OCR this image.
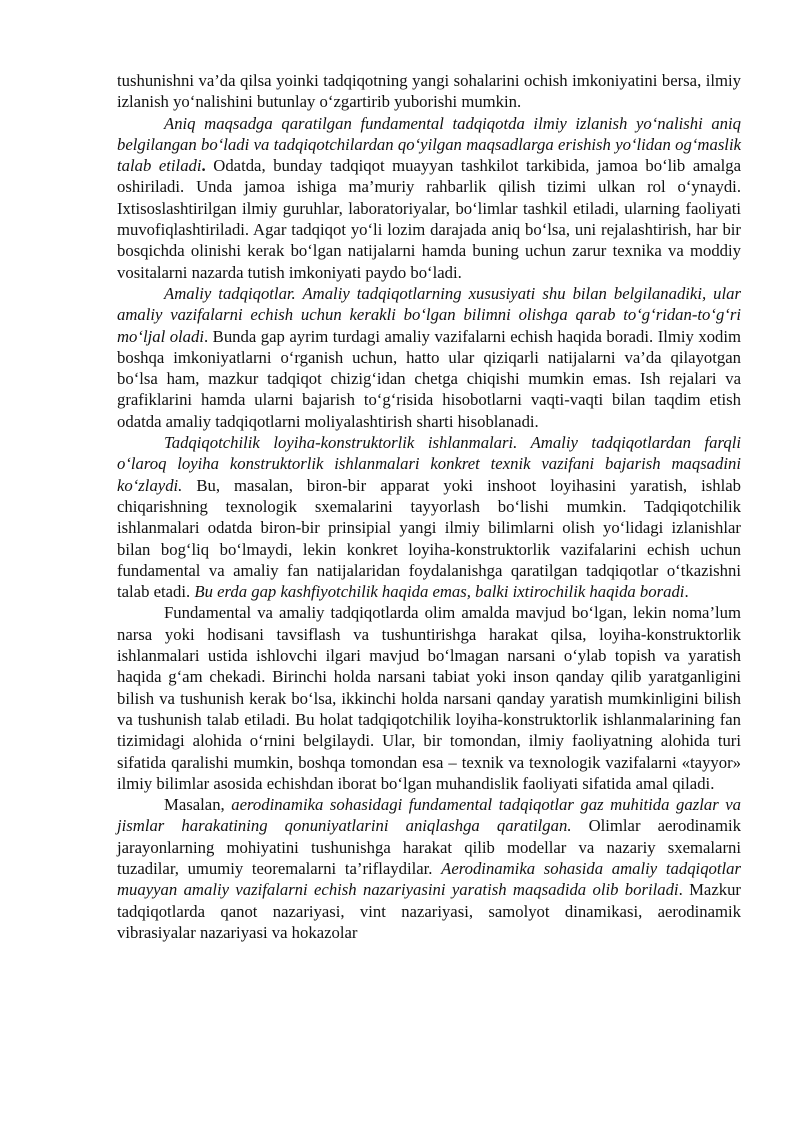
tushunishni va’da qilsa yoinki tadqiqotning yangi sohalarini ochish imkoniyatini bersa, ilmiy izlanish yo‘nalishini butunlay o‘zgartirib yuborishi mumkin.

Aniq maqsadga qaratilgan fundamental tadqiqotda ilmiy izlanish yo‘nalishi aniq belgilangan bo‘ladi va tadqiqotchilardan qo‘yilgan maqsadlarga erishish yo‘lidan og‘maslik talab etiladi. Odatda, bunday tadqiqot muayyan tashkilot tarkibida, jamoa bo‘lib amalga oshiriladi. Unda jamoa ishiga ma’muriy rahbarlik qilish tizimi ulkan rol o‘ynaydi. Ixtisoslashtirilgan ilmiy guruhlar, laboratoriyalar, bo‘limlar tashkil etiladi, ularning faoliyati muvofiqlashtiriladi. Agar tadqiqot yo‘li lozim darajada aniq bo‘lsa, uni rejalashtirish, har bir bosqichda olinishi kerak bo‘lgan natijalarni hamda buning uchun zarur texnika va moddiy vositalarni nazarda tutish imkoniyati paydo bo‘ladi.

Amaliy tadqiqotlar. Amaliy tadqiqotlarning xususiyati shu bilan belgilanadiki, ular amaliy vazifalarni echish uchun kerakli bo‘lgan bilimni olishga qarab to‘g‘ridan-to‘g‘ri mo‘ljal oladi. Bunda gap ayrim turdagi amaliy vazifalarni echish haqida boradi. Ilmiy xodim boshqa imkoniyatlarni o‘rganish uchun, hatto ular qiziqarli natijalarni va’da qilayotgan bo‘lsa ham, mazkur tadqiqot chizig‘idan chetga chiqishi mumkin emas. Ish rejalari va grafiklarini hamda ularni bajarish to‘g‘risida hisobotlarni vaqti-vaqti bilan taqdim etish odatda amaliy tadqiqotlarni moliyalashtirish sharti hisoblanadi.

Tadqiqotchilik loyiha-konstruktorlik ishlanmalari. Amaliy tadqiqotlardan farqli o‘laroq loyiha konstruktorlik ishlanmalari konkret texnik vazifani bajarish maqsadini ko‘zlaydi. Bu, masalan, biron-bir apparat yoki inshoot loyihasini yaratish, ishlab chiqarishning texnologik sxemalarini tayyorlash bo‘lishi mumkin. Tadqiqotchilik ishlanmalari odatda biron-bir prinsipial yangi ilmiy bilimlarni olish yo‘lidagi izlanishlar bilan bog‘liq bo‘lmaydi, lekin konkret loyiha-konstruktorlik vazifalarini echish uchun fundamental va amaliy fan natijalaridan foydalanishga qaratilgan tadqiqotlar o‘tkazishni talab etadi. Bu erda gap kashfiyotchilik haqida emas, balki ixtirochilik haqida boradi.

Fundamental va amaliy tadqiqotlarda olim amalda mavjud bo‘lgan, lekin noma’lum narsa yoki hodisani tavsiflash va tushuntirishga harakat qilsa, loyiha-konstruktorlik ishlanmalari ustida ishlovchi ilgari mavjud bo‘lmagan narsani o‘ylab topish va yaratish haqida g‘am chekadi. Birinchi holda narsani tabiat yoki inson qanday qilib yaratganligini bilish va tushunish kerak bo‘lsa, ikkinchi holda narsani qanday yaratish mumkinligini bilish va tushunish talab etiladi. Bu holat tadqiqotchilik loyiha-konstruktorlik ishlanmalarining fan tizimidagi alohida o‘rnini belgilaydi. Ular, bir tomondan, ilmiy faoliyatning alohida turi sifatida qaralishi mumkin, boshqa tomondan esa – texnik va texnologik vazifalarni «tayyor» ilmiy bilimlar asosida echishdan iborat bo‘lgan muhandislik faoliyati sifatida amal qiladi.

Masalan, aerodinamika sohasidagi fundamental tadqiqotlar gaz muhitida gazlar va jismlar harakatining qonuniyatlarini aniqlashga qaratilgan. Olimlar aerodinamik jarayonlarning mohiyatini tushunishga harakat qilib modellar va nazariy sxemalarni tuzadilar, umumiy teoremalarni ta’riflaydilar. Aerodinamika sohasida amaliy tadqiqotlar muayyan amaliy vazifalarni echish nazariyasini yaratish maqsadida olib boriladi. Mazkur tadqiqotlarda qanot nazariyasi, vint nazariyasi, samolyot dinamikasi, aerodinamik vibrasiyalar nazariyasi va hokazolar
